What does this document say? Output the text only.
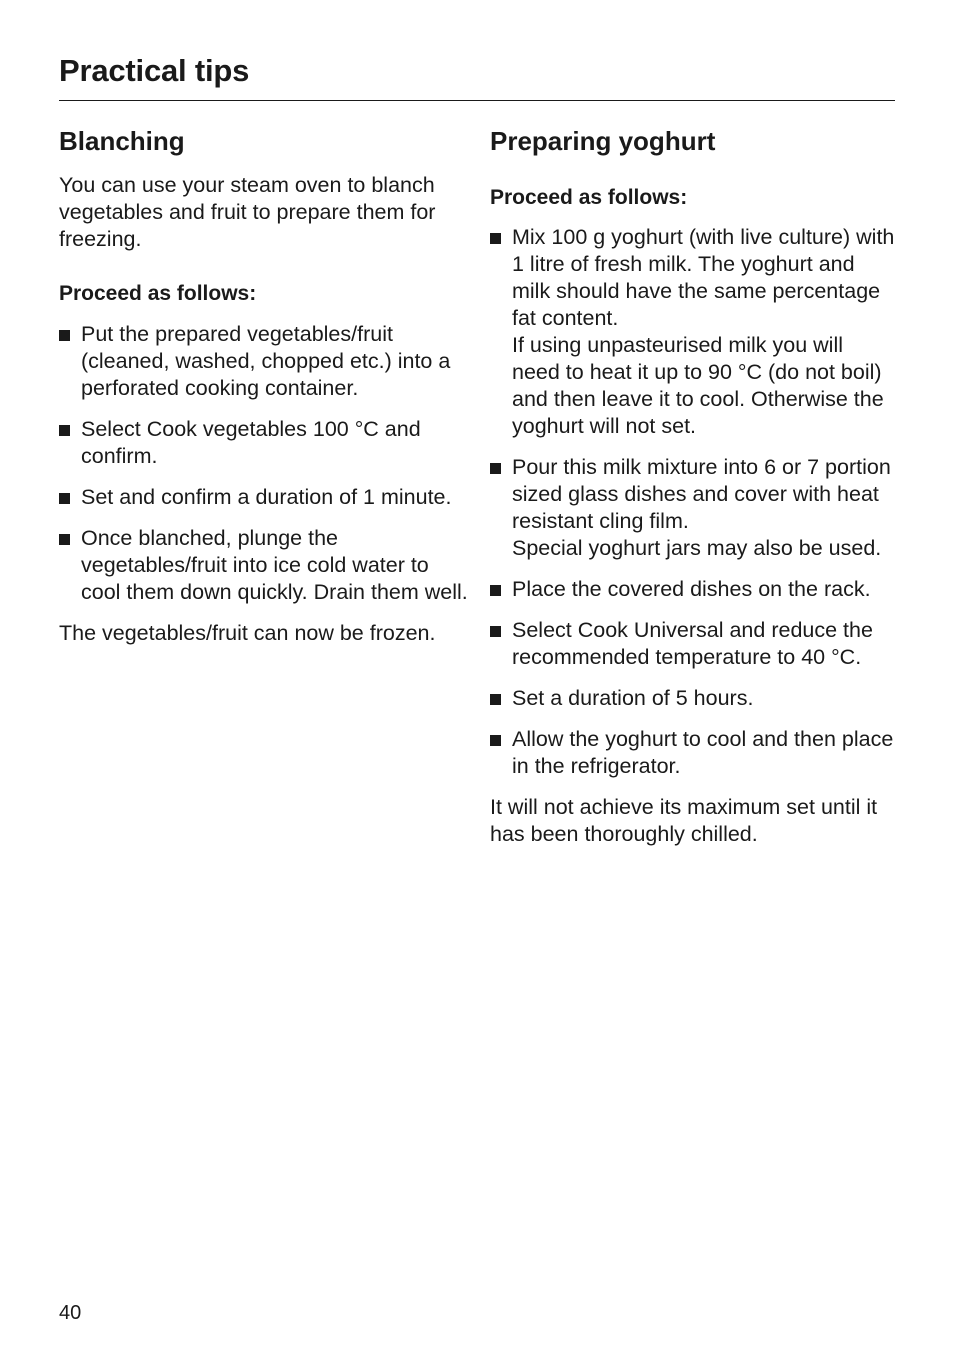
Practical tips
Blanching

You can use your steam oven to blanch vegetables and fruit to prepare them for freezing.

Proceed as follows:

Put the prepared vegetables/fruit (cleaned, washed, chopped etc.) into a perforated cooking container.
Select Cook vegetables 100 °C and confirm.
Set and confirm a duration of 1 minute.
Once blanched, plunge the vegetables/fruit into ice cold water to cool them down quickly. Drain them well.

The vegetables/fruit can now be frozen.

Preparing yoghurt

Proceed as follows:

Mix 100 g yoghurt (with live culture) with 1 litre of fresh milk. The yoghurt and milk should have the same percentage fat content.
If using unpasteurised milk you will need to heat it up to 90 °C (do not boil) and then leave it to cool. Otherwise the yoghurt will not set.
Pour this milk mixture into 6 or 7 portion sized glass dishes and cover with heat resistant cling film.
Special yoghurt jars may also be used.
Place the covered dishes on the rack.
Select Cook Universal and reduce the recommended temperature to 40 °C.
Set a duration of 5 hours.
Allow the yoghurt to cool and then place in the refrigerator.

It will not achieve its maximum set until it has been thoroughly chilled.

40
